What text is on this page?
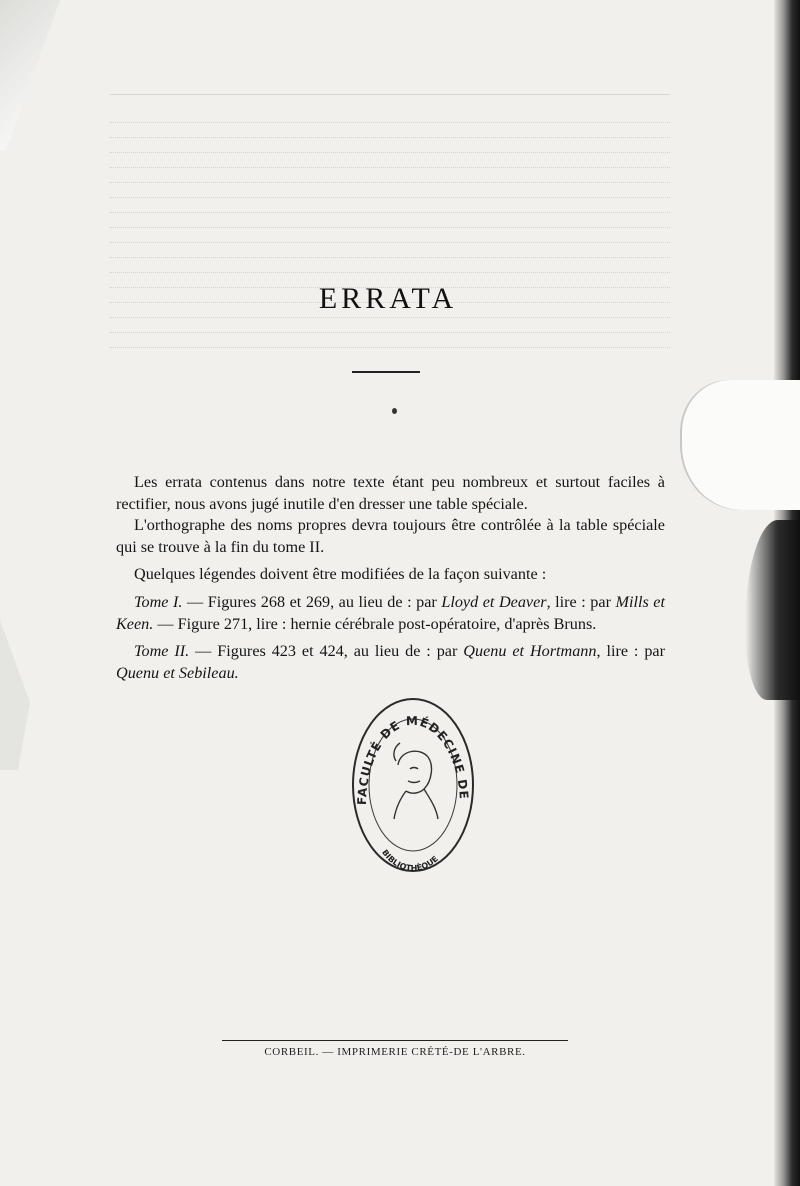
ERRATA

Les errata contenus dans notre texte étant peu nombreux et surtout faciles à rectifier, nous avons jugé inutile d'en dresser une table spéciale.

L'orthographe des noms propres devra toujours être contrôlée à la table spéciale qui se trouve à la fin du tome II.

Quelques légendes doivent être modifiées de la façon suivante :

Tome I. — Figures 268 et 269, au lieu de : par Lloyd et Deaver, lire : par Mills et Keen. — Figure 271, lire : hernie cérébrale post-opératoire, d'après Bruns.

Tome II. — Figures 423 et 424, au lieu de : par Quenu et Hortmann, lire : par Quenu et Sebileau.

FACULTÉ DE MÉDECINE DE
BIBLIOTHÈQUE
CORBEIL. — IMPRIMERIE CRÉTÉ-DE L'ARBRE.
